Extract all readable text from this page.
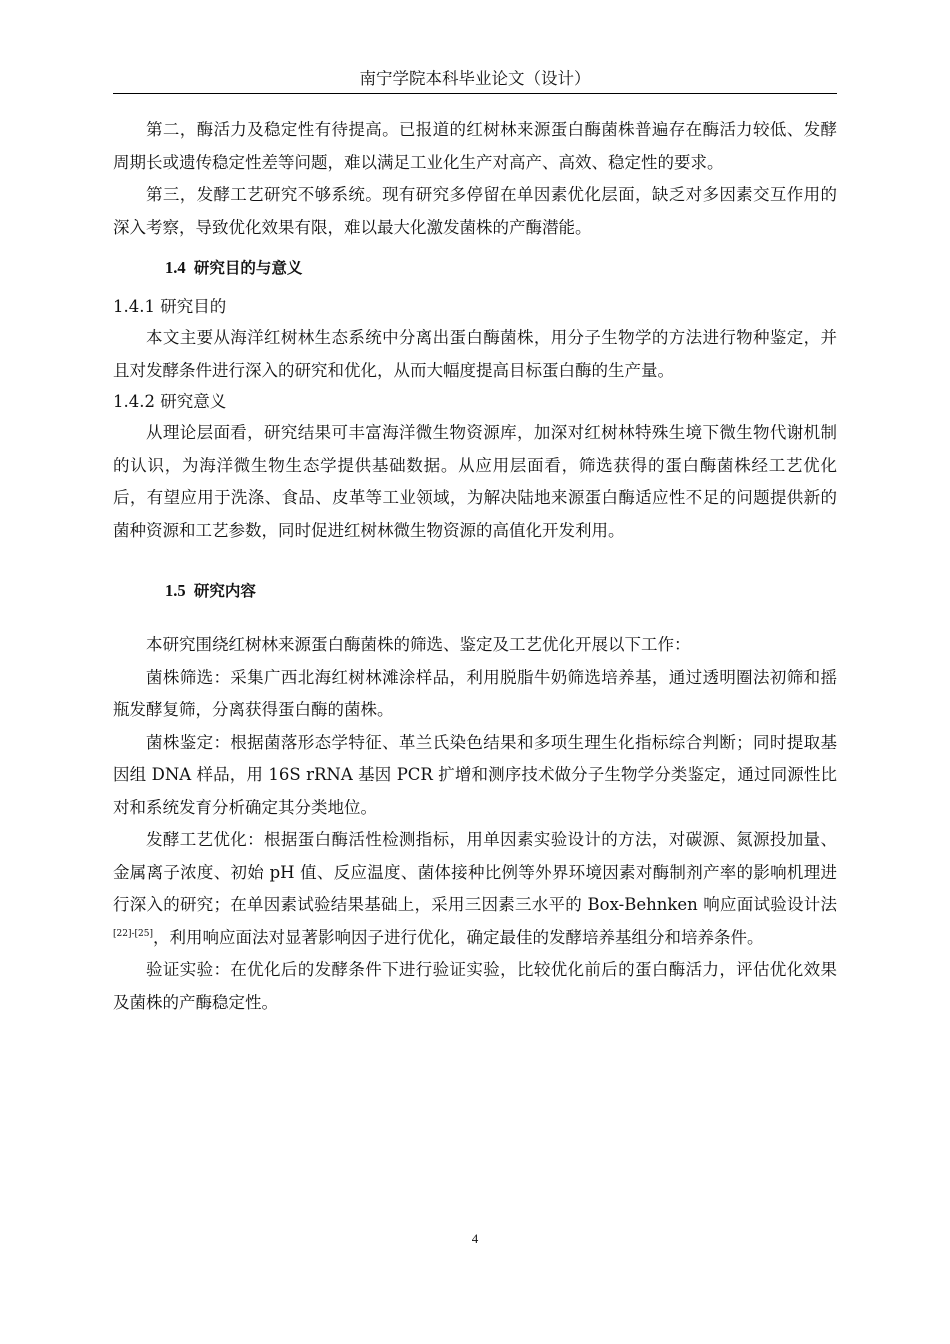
南宁学院本科毕业论文（设计）

第二，酶活力及稳定性有待提高。已报道的红树林来源蛋白酶菌株普遍存在酶活力较低、发酵周期长或遗传稳定性差等问题，难以满足工业化生产对高产、高效、稳定性的要求。

第三，发酵工艺研究不够系统。现有研究多停留在单因素优化层面，缺乏对多因素交互作用的深入考察，导致优化效果有限，难以最大化激发菌株的产酶潜能。

1.4 研究目的与意义

1.4.1 研究目的

本文主要从海洋红树林生态系统中分离出蛋白酶菌株，用分子生物学的方法进行物种鉴定，并且对发酵条件进行深入的研究和优化，从而大幅度提高目标蛋白酶的生产量。

1.4.2 研究意义

从理论层面看，研究结果可丰富海洋微生物资源库，加深对红树林特殊生境下微生物代谢机制的认识，为海洋微生物生态学提供基础数据。从应用层面看，筛选获得的蛋白酶菌株经工艺优化后，有望应用于洗涤、食品、皮革等工业领域，为解决陆地来源蛋白酶适应性不足的问题提供新的菌种资源和工艺参数，同时促进红树林微生物资源的高值化开发利用。

1.5 研究内容

本研究围绕红树林来源蛋白酶菌株的筛选、鉴定及工艺优化开展以下工作：

菌株筛选：采集广西北海红树林滩涂样品，利用脱脂牛奶筛选培养基，通过透明圈法初筛和摇瓶发酵复筛，分离获得蛋白酶的菌株。

菌株鉴定：根据菌落形态学特征、革兰氏染色结果和多项生理生化指标综合判断；同时提取基因组 DNA 样品，用 16S rRNA 基因 PCR 扩增和测序技术做分子生物学分类鉴定，通过同源性比对和系统发育分析确定其分类地位。

发酵工艺优化：根据蛋白酶活性检测指标，用单因素实验设计的方法，对碳源、氮源投加量、金属离子浓度、初始 pH 值、反应温度、菌体接种比例等外界环境因素对酶制剂产率的影响机理进行深入的研究；在单因素试验结果基础上，采用三因素三水平的 Box-Behnken 响应面试验设计法[22]-[25]，利用响应面法对显著影响因子进行优化，确定最佳的发酵培养基组分和培养条件。

验证实验：在优化后的发酵条件下进行验证实验，比较优化前后的蛋白酶活力，评估优化效果及菌株的产酶稳定性。

4
